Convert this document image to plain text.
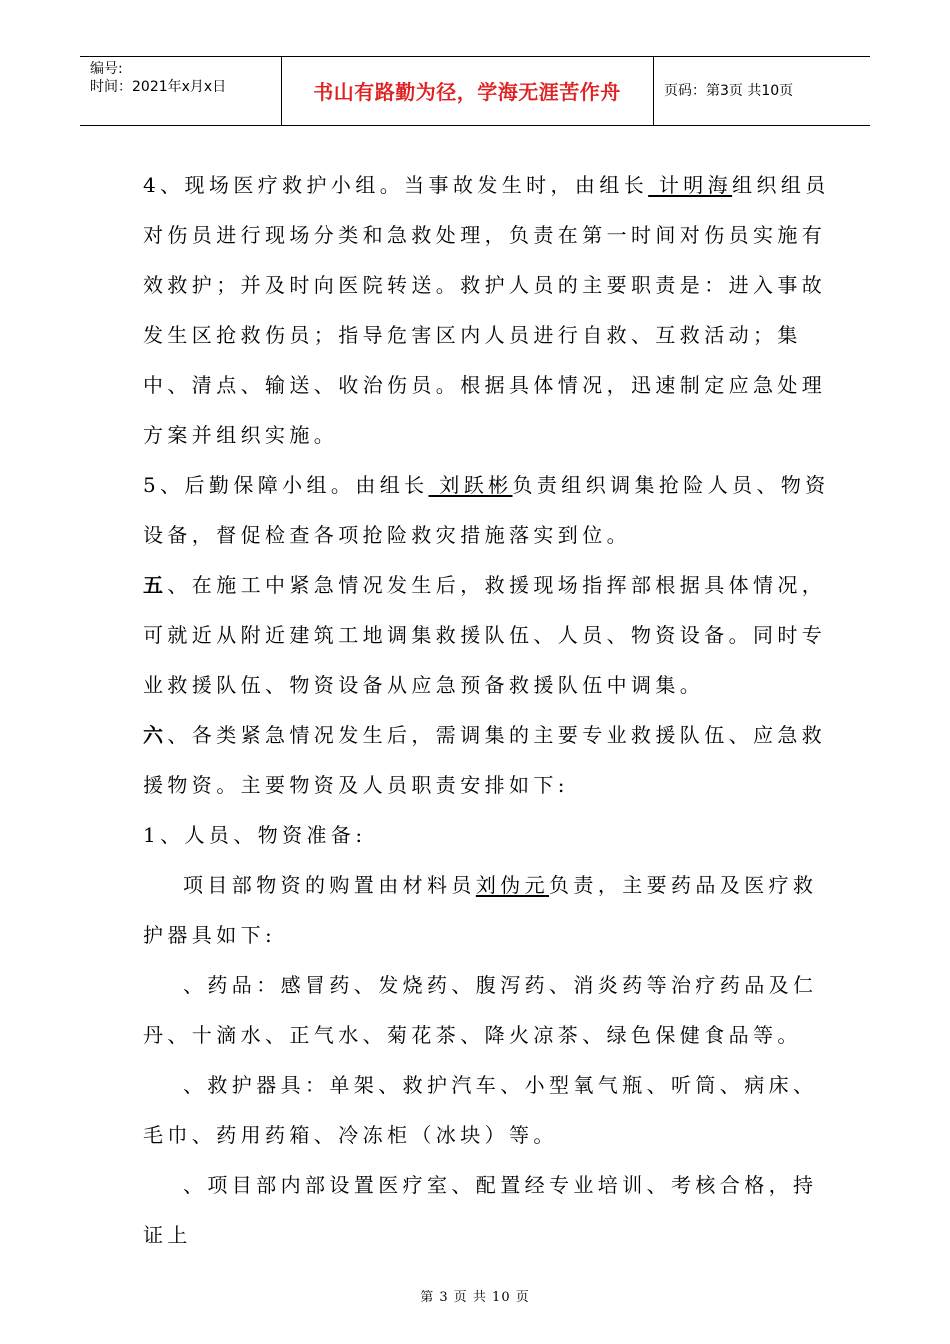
编号:
时间：2021年x月x日	书山有路勤为径，学海无涯苦作舟	页码：第3页 共10页

4、现场医疗救护小组。当事故发生时，由组长 计明海组织组员对伤员进行现场分类和急救处理，负责在第一时间对伤员实施有效救护；并及时向医院转送。救护人员的主要职责是：进入事故发生区抢救伤员；指导危害区内人员进行自救、互救活动；集中、清点、输送、收治伤员。根据具体情况，迅速制定应急处理方案并组织实施。

5、后勤保障小组。由组长 刘跃彬负责组织调集抢险人员、物资设备，督促检查各项抢险救灾措施落实到位。

五、在施工中紧急情况发生后，救援现场指挥部根据具体情况，可就近从附近建筑工地调集救援队伍、人员、物资设备。同时专业救援队伍、物资设备从应急预备救援队伍中调集。

六、各类紧急情况发生后，需调集的主要专业救援队伍、应急救援物资。主要物资及人员职责安排如下:

1、人员、物资准备:

项目部物资的购置由材料员刘伪元负责，主要药品及医疗救护器具如下:

、药品：感冒药、发烧药、腹泻药、消炎药等治疗药品及仁丹、十滴水、正气水、菊花茶、降火凉茶、绿色保健食品等。

、救护器具：单架、救护汽车、小型氧气瓶、听筒、病床、毛巾、药用药箱、冷冻柜（冰块）等。

、项目部内部设置医疗室、配置经专业培训、考核合格，持证上

第 3 页 共 10 页
